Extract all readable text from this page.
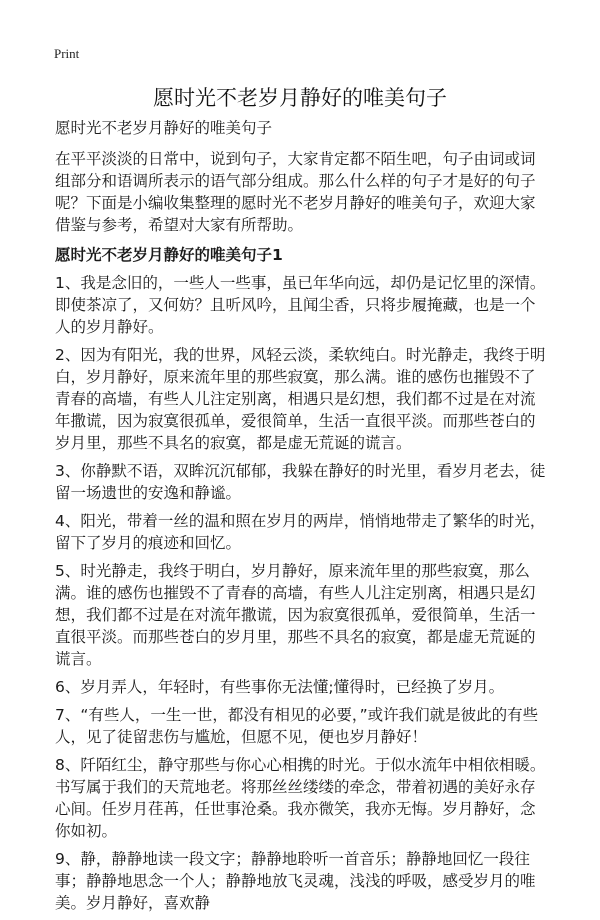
Print
愿时光不老岁月静好的唯美句子

愿时光不老岁月静好的唯美句子

在平平淡淡的日常中，说到句子，大家肯定都不陌生吧，句子由词或词组部分和语调所表示的语气部分组成。那么什么样的句子才是好的句子呢？下面是小编收集整理的愿时光不老岁月静好的唯美句子，欢迎大家借鉴与参考，希望对大家有所帮助。

愿时光不老岁月静好的唯美句子1

1、我是念旧的，一些人一些事，虽已年华向远，却仍是记忆里的深情。即使茶凉了，又何妨？且听风吟，且闻尘香，只将步履掩藏，也是一个人的岁月静好。

2、因为有阳光，我的世界，风轻云淡，柔软纯白。时光静走，我终于明白，岁月静好，原来流年里的那些寂寞，那么满。谁的感伤也摧毁不了青春的高墙，有些人儿注定别离，相遇只是幻想，我们都不过是在对流年撒谎，因为寂寞很孤单，爱很简单，生活一直很平淡。而那些苍白的岁月里，那些不具名的寂寞，都是虚无荒诞的谎言。

3、你静默不语，双眸沉沉郁郁，我躲在静好的时光里，看岁月老去，徒留一场遗世的安逸和静谧。

4、阳光，带着一丝的温和照在岁月的两岸，悄悄地带走了繁华的时光，留下了岁月的痕迹和回忆。

5、时光静走，我终于明白，岁月静好，原来流年里的那些寂寞，那么满。谁的感伤也摧毁不了青春的高墙，有些人儿注定别离，相遇只是幻想，我们都不过是在对流年撒谎，因为寂寞很孤单，爱很简单，生活一直很平淡。而那些苍白的岁月里，那些不具名的寂寞，都是虚无荒诞的谎言。

6、岁月弄人，年轻时，有些事你无法懂;懂得时，已经换了岁月。

7、“有些人，一生一世，都没有相见的必要，”或许我们就是彼此的有些人，见了徒留悲伤与尴尬，但愿不见，便也岁月静好！

8、阡陌红尘，静守那些与你心心相携的时光。于似水流年中相依相暖。书写属于我们的天荒地老。将那丝丝缕缕的牵念，带着初遇的美好永存心间。任岁月荏苒，任世事沧桑。我亦微笑，我亦无悔。岁月静好，念你如初。

9、静，静静地读一段文字；静静地聆听一首音乐；静静地回忆一段往事；静静地思念一个人；静静地放飞灵魂，浅浅的呼吸，感受岁月的唯美。岁月静好，喜欢静
